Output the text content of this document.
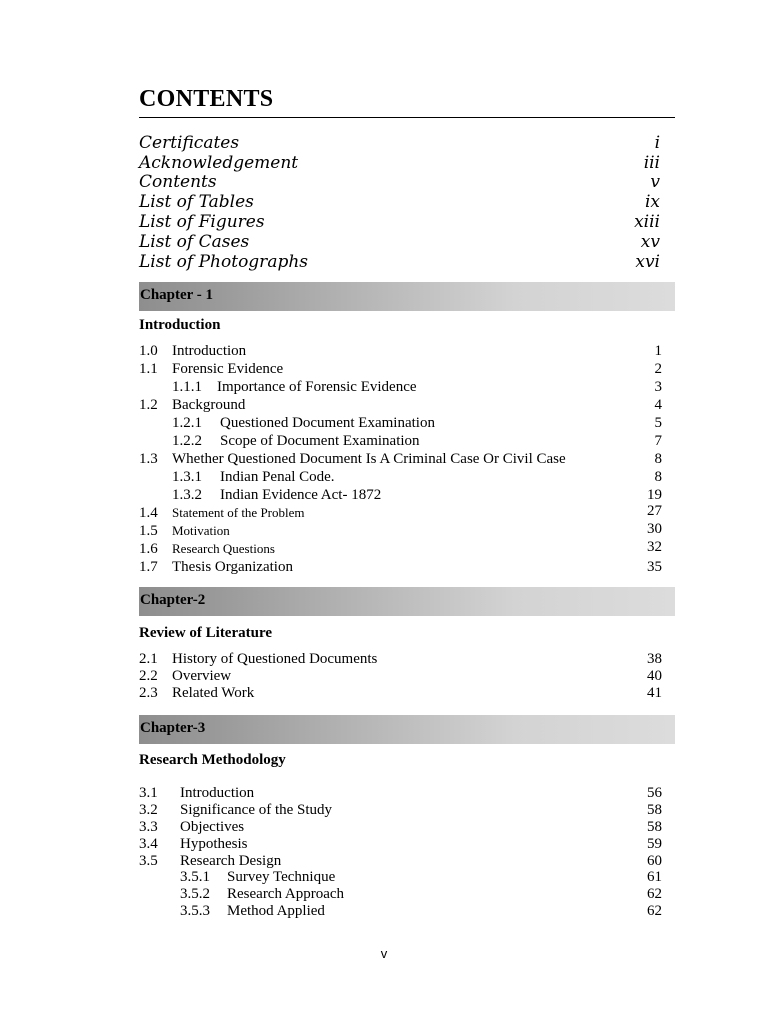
CONTENTS
Certificates	i
Acknowledgement	iii
Contents	v
List of Tables	ix
List of Figures	xiii
List of Cases	xv
List of Photographs	xvi
Chapter - 1
Introduction
1.0 Introduction	1
1.1 Forensic Evidence	2
1.1.1 Importance of Forensic Evidence	3
1.2 Background	4
1.2.1 Questioned Document Examination	5
1.2.2 Scope of Document Examination	7
1.3 Whether Questioned Document Is A Criminal Case Or Civil Case	8
1.3.1 Indian Penal Code.	8
1.3.2 Indian Evidence Act- 1872	19
1.4 Statement of the Problem	27
1.5 Motivation	30
1.6 Research Questions	32
1.7 Thesis Organization	35
Chapter-2
Review of Literature
2.1 History of Questioned Documents	38
2.2 Overview	40
2.3 Related Work	41
Chapter-3
Research Methodology
3.1 Introduction	56
3.2 Significance of the Study	58
3.3 Objectives	58
3.4 Hypothesis	59
3.5 Research Design	60
3.5.1 Survey Technique	61
3.5.2 Research Approach	62
3.5.3 Method Applied	62
v
